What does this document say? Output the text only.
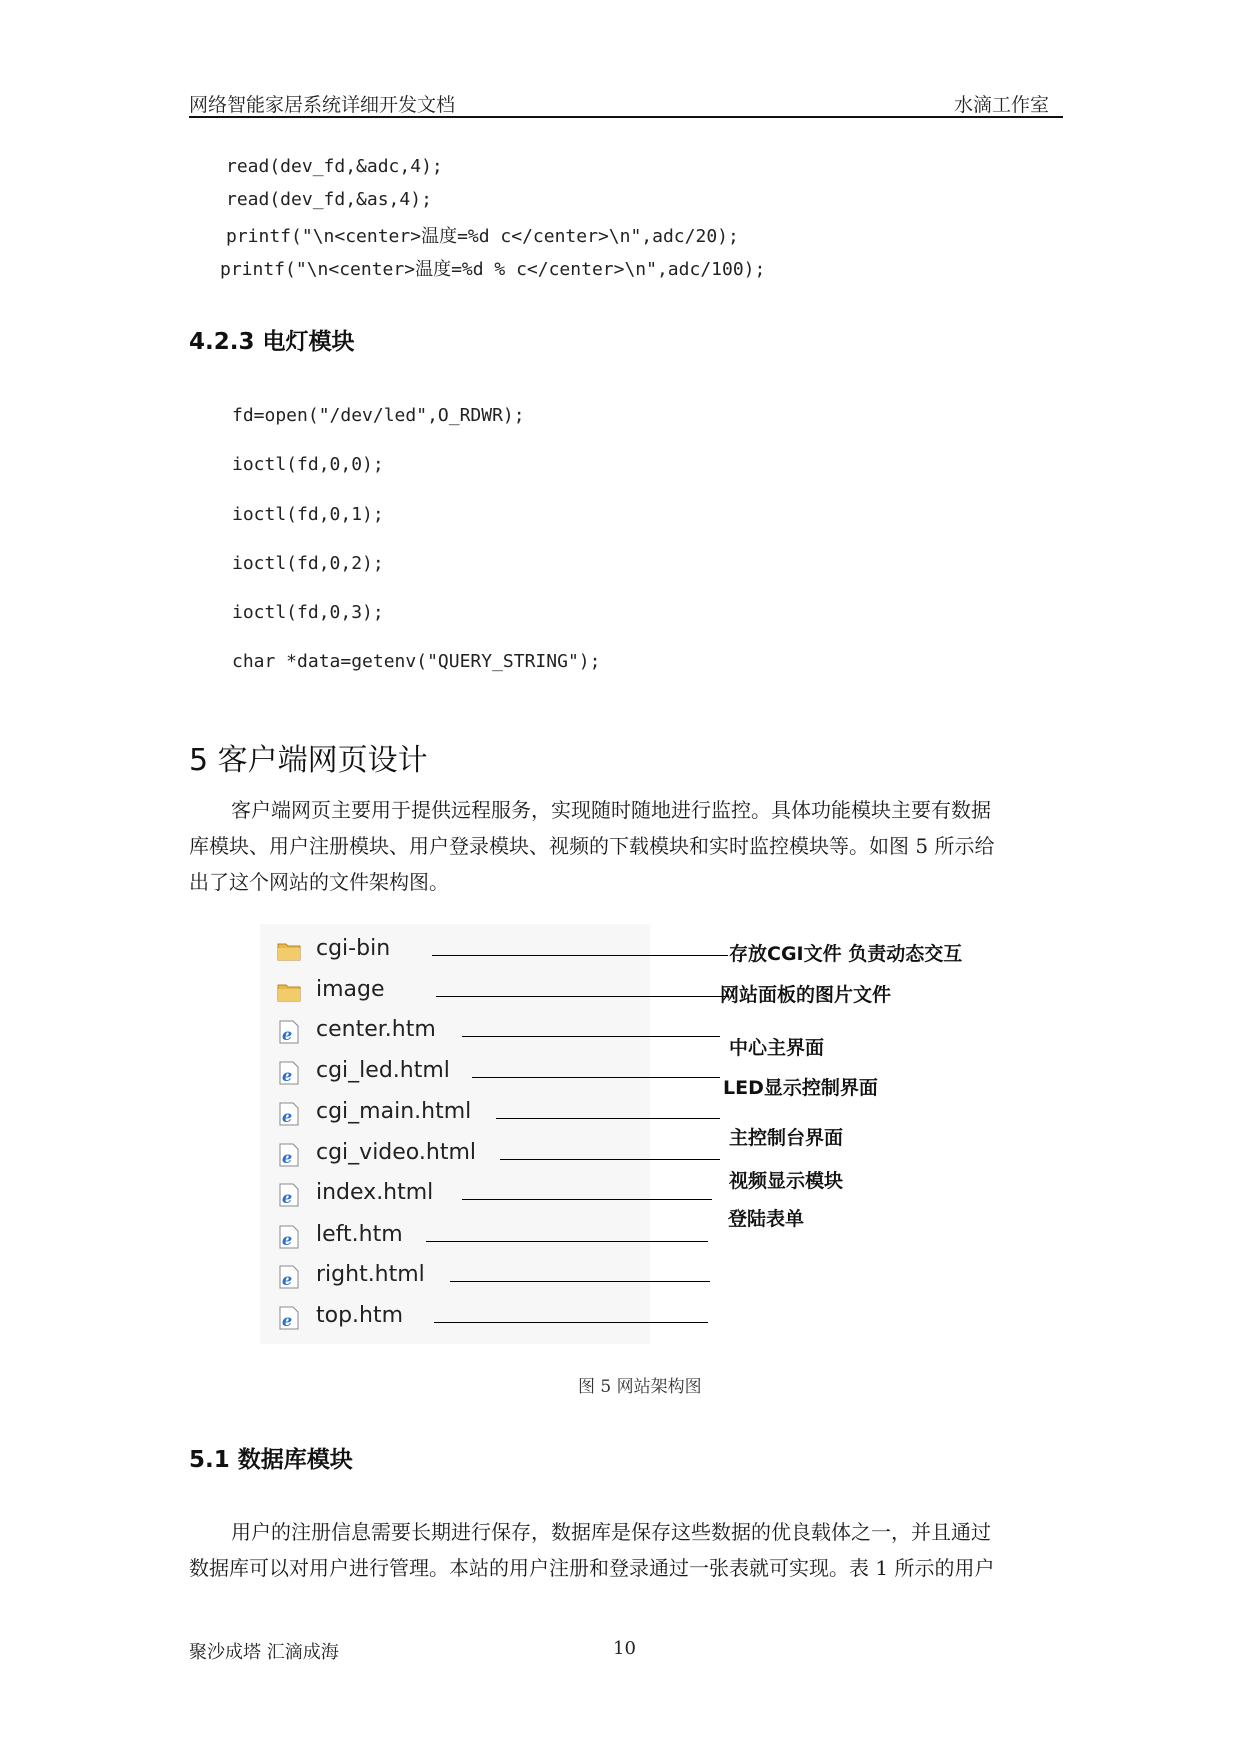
网络智能家居系统详细开发文档	水滴工作室
read(dev_fd,&adc,4);
read(dev_fd,&as,4);
printf("\n<center>温度=%d c</center>\n",adc/20);
printf("\n<center>温度=%d % c</center>\n",adc/100);
4.2.3 电灯模块
fd=open("/dev/led",O_RDWR);
ioctl(fd,0,0);
ioctl(fd,0,1);
ioctl(fd,0,2);
ioctl(fd,0,3);
char *data=getenv("QUERY_STRING");
5 客户端网页设计
客户端网页主要用于提供远程服务，实现随时随地进行监控。具体功能模块主要有数据
库模块、用户注册模块、用户登录模块、视频的下载模块和实时监控模块等。如图 5 所示给
出了这个网站的文件架构图。
cgi-bin
image
e center.htm
e cgi_led.html
e cgi_main.html
e cgi_video.html
e index.html
e left.htm
e right.html
e top.htm
存放CGI文件 负责动态交互
网站面板的图片文件
中心主界面
LED显示控制界面
主控制台界面
视频显示模块
登陆表单
图 5 网站架构图
5.1 数据库模块
用户的注册信息需要长期进行保存，数据库是保存这些数据的优良载体之一，并且通过
数据库可以对用户进行管理。本站的用户注册和登录通过一张表就可实现。表 1 所示的用户
聚沙成塔 汇滴成海	10
